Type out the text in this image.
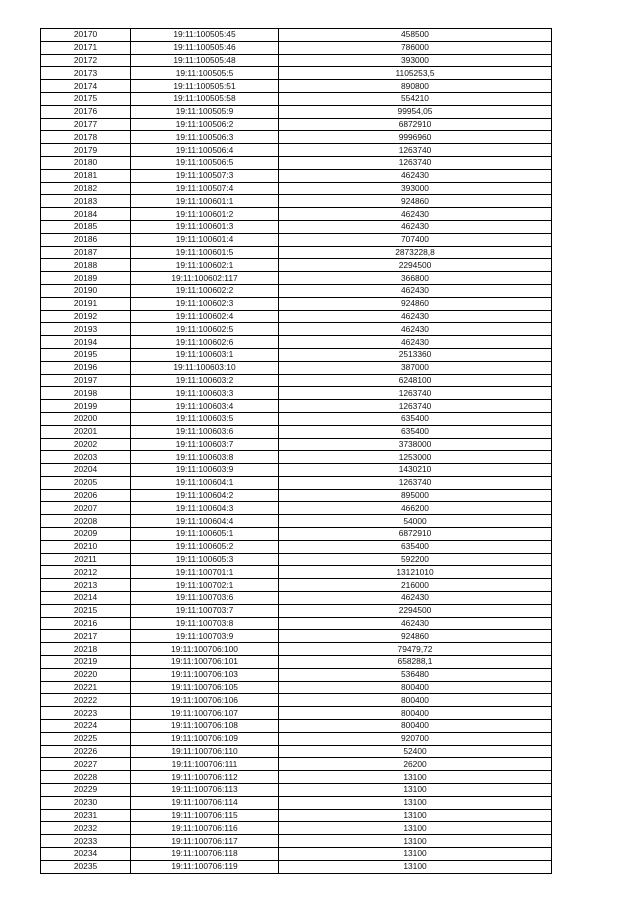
20170	19:11:100505:45	458500
20171	19:11:100505:46	786000
20172	19:11:100505:48	393000
20173	19:11:100505:5	1105253,5
20174	19:11:100505:51	890800
20175	19:11:100505:58	554210
20176	19:11:100505:9	99954,05
20177	19:11:100506:2	6872910
20178	19:11:100506:3	9996960
20179	19:11:100506:4	1263740
20180	19:11:100506:5	1263740
20181	19:11:100507:3	462430
20182	19:11:100507:4	393000
20183	19:11:100601:1	924860
20184	19:11:100601:2	462430
20185	19:11:100601:3	462430
20186	19:11:100601:4	707400
20187	19:11:100601:5	2873228,8
20188	19:11:100602:1	2294500
20189	19:11:100602:117	366800
20190	19:11:100602:2	462430
20191	19:11:100602:3	924860
20192	19:11:100602:4	462430
20193	19:11:100602:5	462430
20194	19:11:100602:6	462430
20195	19:11:100603:1	2513360
20196	19:11:100603:10	387000
20197	19:11:100603:2	6248100
20198	19:11:100603:3	1263740
20199	19:11:100603:4	1263740
20200	19:11:100603:5	635400
20201	19:11:100603:6	635400
20202	19:11:100603:7	3738000
20203	19:11:100603:8	1253000
20204	19:11:100603:9	1430210
20205	19:11:100604:1	1263740
20206	19:11:100604:2	895000
20207	19:11:100604:3	466200
20208	19:11:100604:4	54000
20209	19:11:100605:1	6872910
20210	19:11:100605:2	635400
20211	19:11:100605:3	592200
20212	19:11:100701:1	13121010
20213	19:11:100702:1	216000
20214	19:11:100703:6	462430
20215	19:11:100703:7	2294500
20216	19:11:100703:8	462430
20217	19:11:100703:9	924860
20218	19:11:100706:100	79479,72
20219	19:11:100706:101	658288,1
20220	19:11:100706:103	536480
20221	19:11:100706:105	800400
20222	19:11:100706:106	800400
20223	19:11:100706:107	800400
20224	19:11:100706:108	800400
20225	19:11:100706:109	920700
20226	19:11:100706:110	52400
20227	19:11:100706:111	26200
20228	19:11:100706:112	13100
20229	19:11:100706:113	13100
20230	19:11:100706:114	13100
20231	19:11:100706:115	13100
20232	19:11:100706:116	13100
20233	19:11:100706:117	13100
20234	19:11:100706:118	13100
20235	19:11:100706:119	13100
